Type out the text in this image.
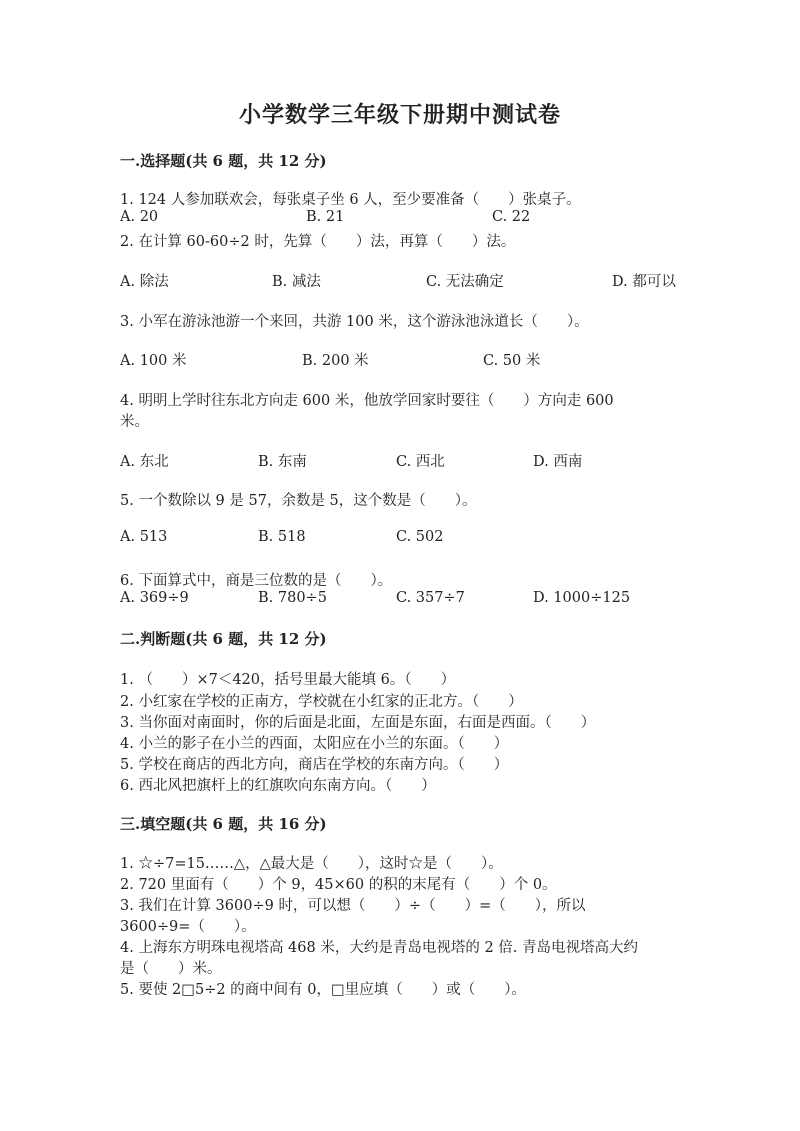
小学数学三年级下册期中测试卷
一.选择题(共 6 题，共 12 分)
1. 124 人参加联欢会，每张桌子坐 6 人，至少要准备（　　）张桌子。
A. 20	B. 21	C. 22
2. 在计算 60-60÷2 时，先算（　　）法，再算（　　）法。
A. 除法	B. 减法	C. 无法确定	D. 都可以
3. 小军在游泳池游一个来回，共游 100 米，这个游泳池泳道长（　　）。
A. 100 米	B. 200 米	C. 50 米
4. 明明上学时往东北方向走 600 米，他放学回家时要往（　　）方向走 600
米。
A. 东北	B. 东南	C. 西北	D. 西南
5. 一个数除以 9 是 57，余数是 5，这个数是（　　）。
A. 513	B. 518	C. 502
6. 下面算式中，商是三位数的是（　　）。
A. 369÷9	B. 780÷5	C. 357÷7	D. 1000÷125
二.判断题(共 6 题，共 12 分)
1. （　　）×7＜420，括号里最大能填 6。（　　）
2. 小红家在学校的正南方，学校就在小红家的正北方。（　　）
3. 当你面对南面时，你的后面是北面，左面是东面，右面是西面。（　　）
4. 小兰的影子在小兰的西面，太阳应在小兰的东面。（　　）
5. 学校在商店的西北方向，商店在学校的东南方向。（　　）
6. 西北风把旗杆上的红旗吹向东南方向。（　　）
三.填空题(共 6 题，共 16 分)
1. ☆÷7=15……△，△最大是（　　），这时☆是（　　）。
2. 720 里面有（　　）个 9，45×60 的积的末尾有（　　）个 0。
3. 我们在计算 3600÷9 时，可以想（　　）÷（　　）=（　　），所以
3600÷9=（　　）。
4. 上海东方明珠电视塔高 468 米，大约是青岛电视塔的 2 倍. 青岛电视塔高大约
是（　　）米。
5. 要使 2□5÷2 的商中间有 0，□里应填（　　）或（　　）。
